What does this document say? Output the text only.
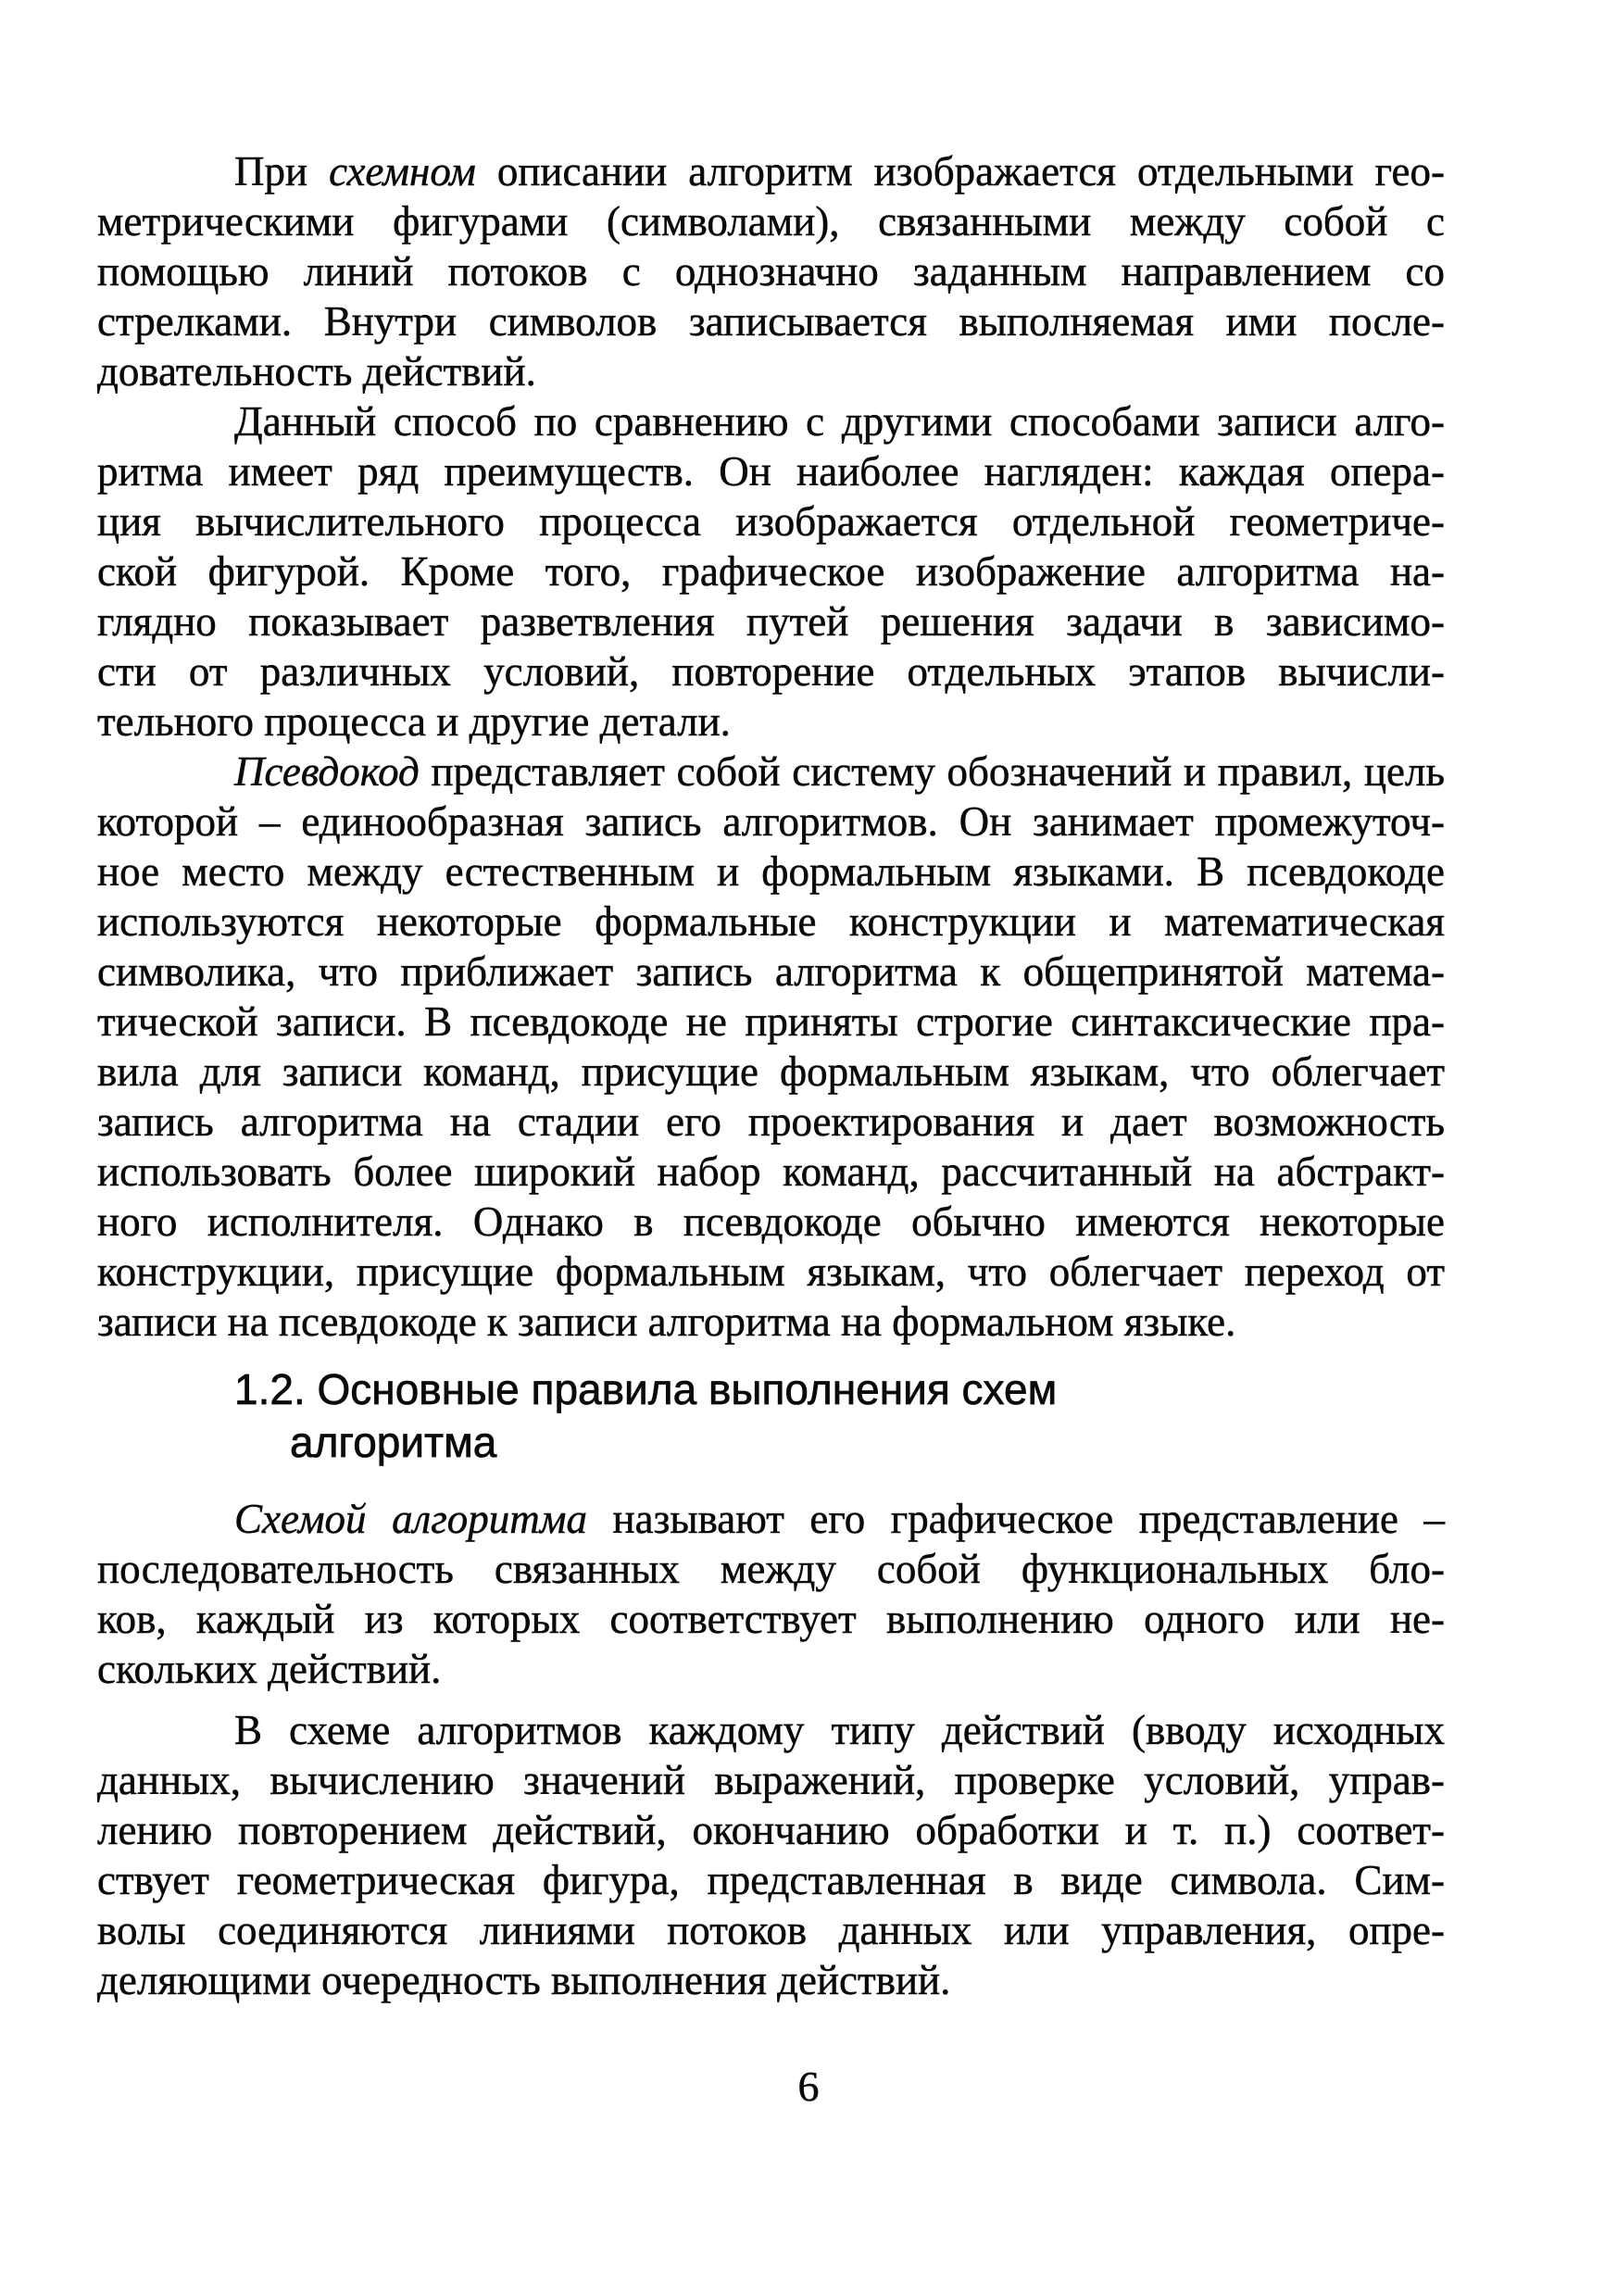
При схемном описании алгоритм изображается отдельными гео-
метрическими фигурами (символами), связанными между собой с
помощью линий потоков с однозначно заданным направлением со
стрелками. Внутри символов записывается выполняемая ими после-
довательность действий.
Данный способ по сравнению с другими способами записи алго-
ритма имеет ряд преимуществ. Он наиболее нагляден: каждая опера-
ция вычислительного процесса изображается отдельной геометриче-
ской фигурой. Кроме того, графическое изображение алгоритма на-
глядно показывает разветвления путей решения задачи в зависимо-
сти от различных условий, повторение отдельных этапов вычисли-
тельного процесса и другие детали.
Псевдокод представляет собой систему обозначений и правил, цель
которой – единообразная запись алгоритмов. Он занимает промежуточ-
ное место между естественным и формальным языками. В псевдокоде
используются некоторые формальные конструкции и математическая
символика, что приближает запись алгоритма к общепринятой матема-
тической записи. В псевдокоде не приняты строгие синтаксические пра-
вила для записи команд, присущие формальным языкам, что облегчает
запись алгоритма на стадии его проектирования и дает возможность
использовать более широкий набор команд, рассчитанный на абстракт-
ного исполнителя. Однако в псевдокоде обычно имеются некоторые
конструкции, присущие формальным языкам, что облегчает переход от
записи на псевдокоде к записи алгоритма на формальном языке.
1.2. Основные правила выполнения схем
алгоритма
Схемой алгоритма называют его графическое представление –
последовательность связанных между собой функциональных бло-
ков, каждый из которых соответствует выполнению одного или не-
скольких действий.
В схеме алгоритмов каждому типу действий (вводу исходных
данных, вычислению значений выражений, проверке условий, управ-
лению повторением действий, окончанию обработки и т. п.) соответ-
ствует геометрическая фигура, представленная в виде символа. Сим-
волы соединяются линиями потоков данных или управления, опре-
деляющими очередность выполнения действий.
6
